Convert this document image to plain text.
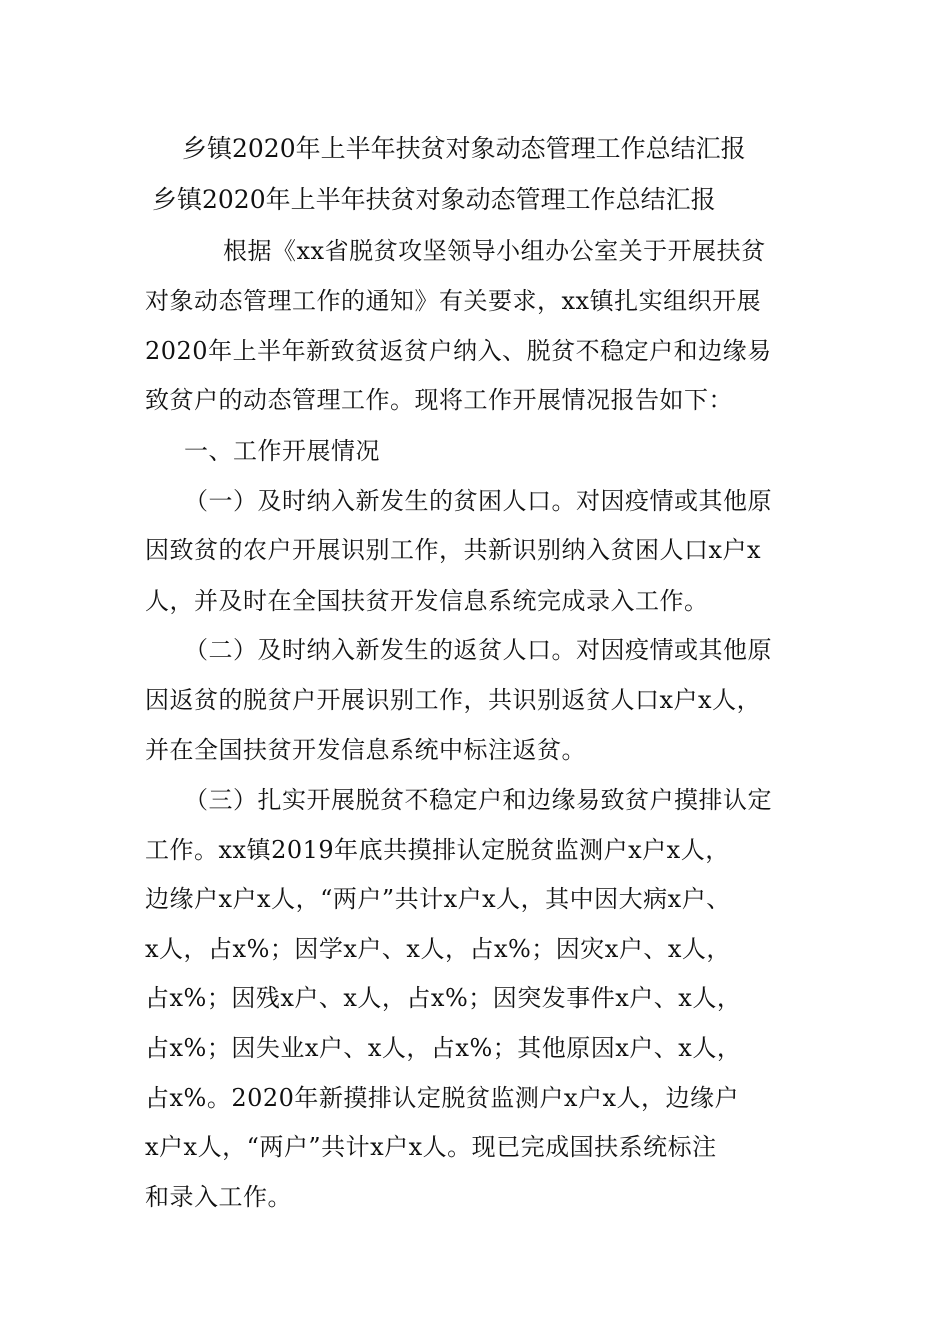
乡镇2020年上半年扶贫对象动态管理工作总结汇报
乡镇2020年上半年扶贫对象动态管理工作总结汇报
根据《xx省脱贫攻坚领导小组办公室关于开展扶贫
对象动态管理工作的通知》有关要求，xx镇扎实组织开展
2020年上半年新致贫返贫户纳入、脱贫不稳定户和边缘易
致贫户的动态管理工作。现将工作开展情况报告如下：
一、工作开展情况
（一）及时纳入新发生的贫困人口。对因疫情或其他原
因致贫的农户开展识别工作，共新识别纳入贫困人口x户x
人，并及时在全国扶贫开发信息系统完成录入工作。
（二）及时纳入新发生的返贫人口。对因疫情或其他原
因返贫的脱贫户开展识别工作，共识别返贫人口x户x人，
并在全国扶贫开发信息系统中标注返贫。
（三）扎实开展脱贫不稳定户和边缘易致贫户摸排认定
工作。xx镇2019年底共摸排认定脱贫监测户x户x人，
边缘户x户x人，“两户”共计x户x人，其中因大病x户、
x人，占x%；因学x户、x人，占x%；因灾x户、x人，
占x%；因残x户、x人，占x%；因突发事件x户、x人，
占x%；因失业x户、x人，占x%；其他原因x户、x人，
占x%。2020年新摸排认定脱贫监测户x户x人，边缘户
x户x人，“两户”共计x户x人。现已完成国扶系统标注
和录入工作。
